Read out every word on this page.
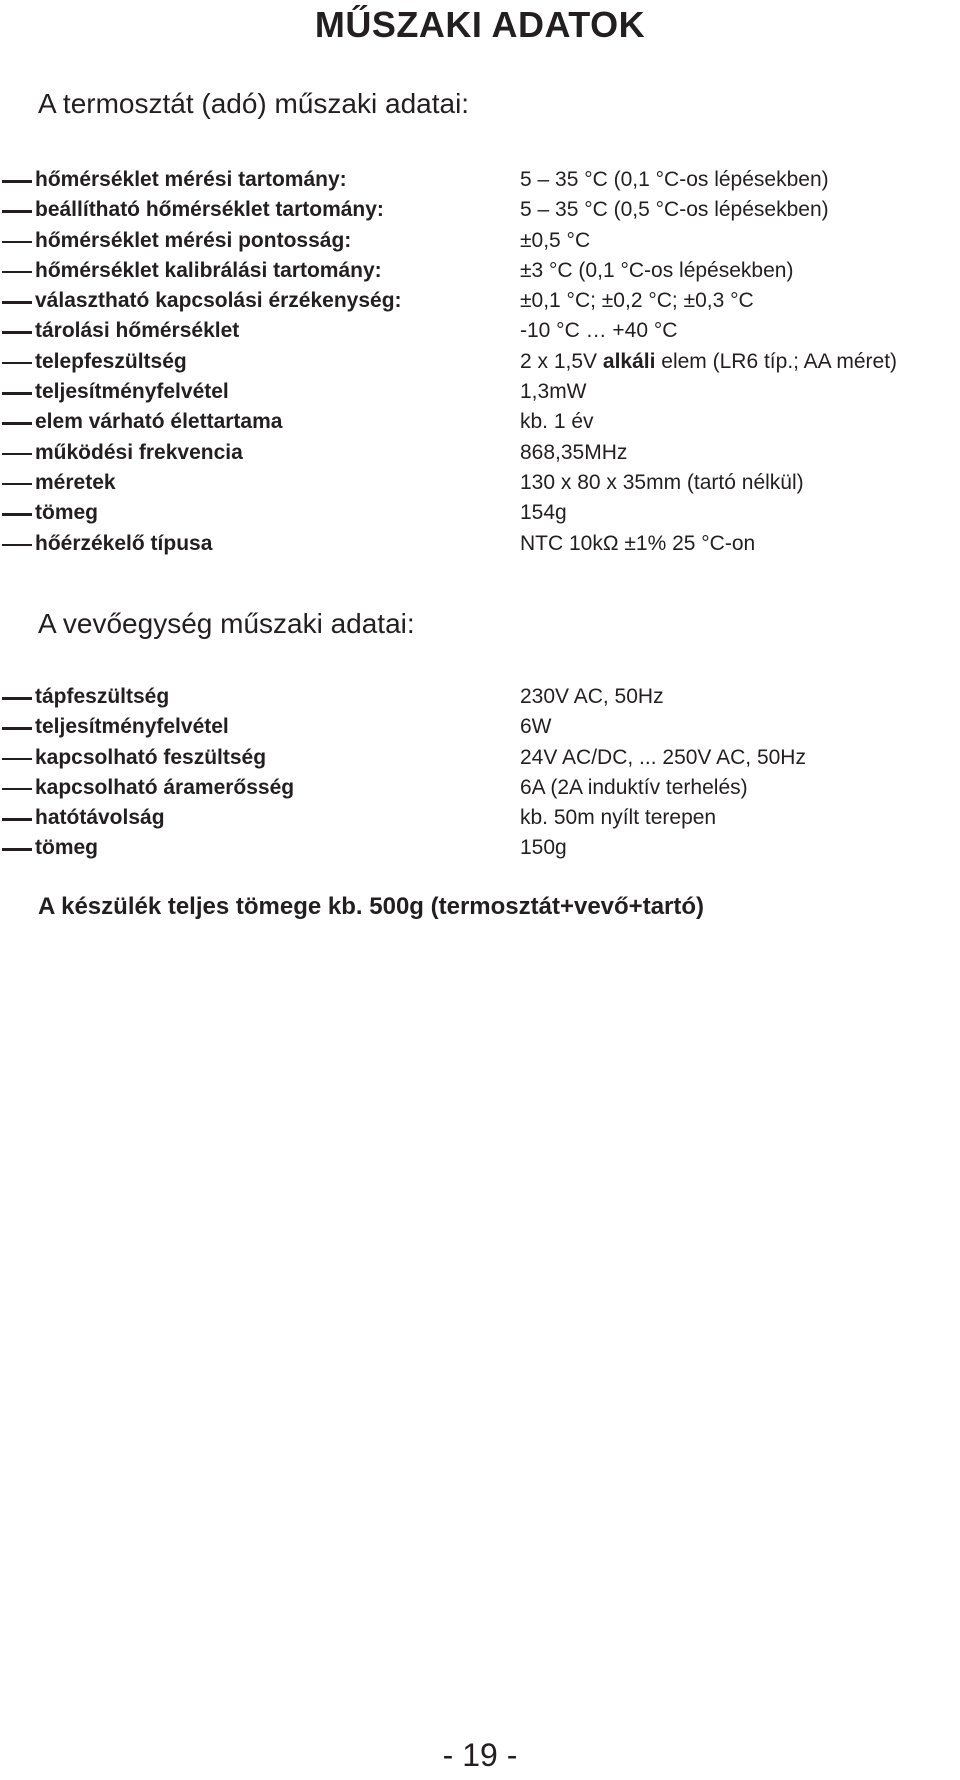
MŰSZAKI ADATOK
A termosztát (adó) műszaki adatai:
hőmérséklet mérési tartomány:	5 – 35 °C (0,1 °C-os lépésekben)
beállítható hőmérséklet tartomány:	5 – 35 °C (0,5 °C-os lépésekben)
hőmérséklet mérési pontosság:	±0,5 °C
hőmérséklet kalibrálási tartomány:	±3 °C (0,1 °C-os lépésekben)
választható kapcsolási érzékenység:	±0,1 °C; ±0,2 °C; ±0,3 °C
tárolási hőmérséklet	-10 °C … +40 °C
telepfeszültség	2 x 1,5V alkáli elem (LR6 típ.; AA méret)
teljesítményfelvétel	1,3mW
elem várható élettartama	kb. 1 év
működési frekvencia	868,35MHz
méretek	130 x 80 x 35mm (tartó nélkül)
tömeg	154g
hőérzékelő típusa	NTC 10kΩ ±1% 25 °C-on
A vevőegység műszaki adatai:
tápfeszültség	230V AC, 50Hz
teljesítményfelvétel	6W
kapcsolható feszültség	24V AC/DC, ... 250V AC, 50Hz
kapcsolható áramerősség	6A (2A induktív terhelés)
hatótávolság	kb. 50m nyílt terepen
tömeg	150g
A készülék teljes tömege kb. 500g (termosztát+vevő+tartó)
- 19 -
